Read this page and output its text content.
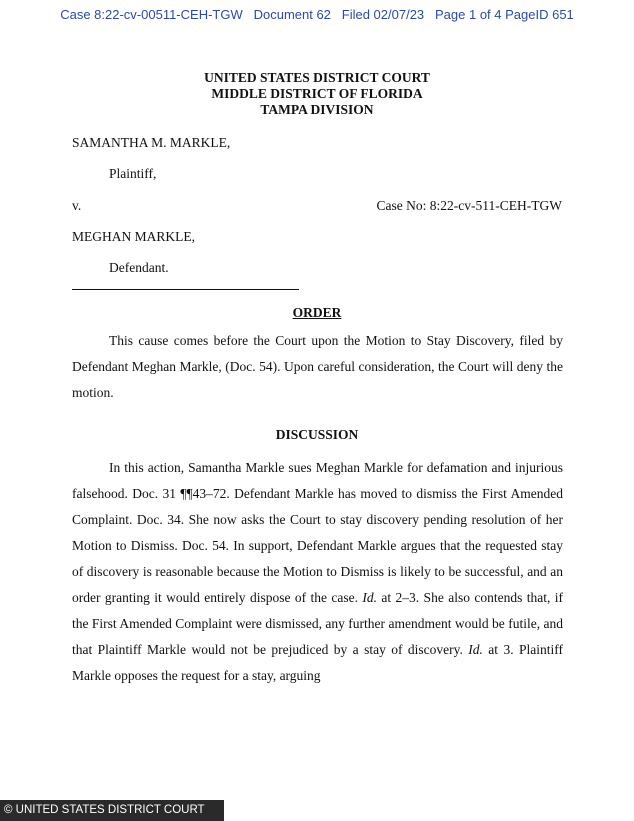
Case 8:22-cv-00511-CEH-TGW Document 62 Filed 02/07/23 Page 1 of 4 PageID 651
UNITED STATES DISTRICT COURT
MIDDLE DISTRICT OF FLORIDA
TAMPA DIVISION
SAMANTHA M. MARKLE,
Plaintiff,
v.	Case No: 8:22-cv-511-CEH-TGW
MEGHAN MARKLE,
Defendant.
ORDER

This cause comes before the Court upon the Motion to Stay Discovery, filed by Defendant Meghan Markle, (Doc. 54). Upon careful consideration, the Court will deny the motion.

DISCUSSION

In this action, Samantha Markle sues Meghan Markle for defamation and injurious falsehood. Doc. 31 ¶¶43–72. Defendant Markle has moved to dismiss the First Amended Complaint. Doc. 34. She now asks the Court to stay discovery pending resolution of her Motion to Dismiss. Doc. 54. In support, Defendant Markle argues that the requested stay of discovery is reasonable because the Motion to Dismiss is likely to be successful, and an order granting it would entirely dispose of the case. Id. at 2–3. She also contends that, if the First Amended Complaint were dismissed, any further amendment would be futile, and that Plaintiff Markle would not be prejudiced by a stay of discovery. Id. at 3. Plaintiff Markle opposes the request for a stay, arguing

© UNITED STATES DISTRICT COURT
